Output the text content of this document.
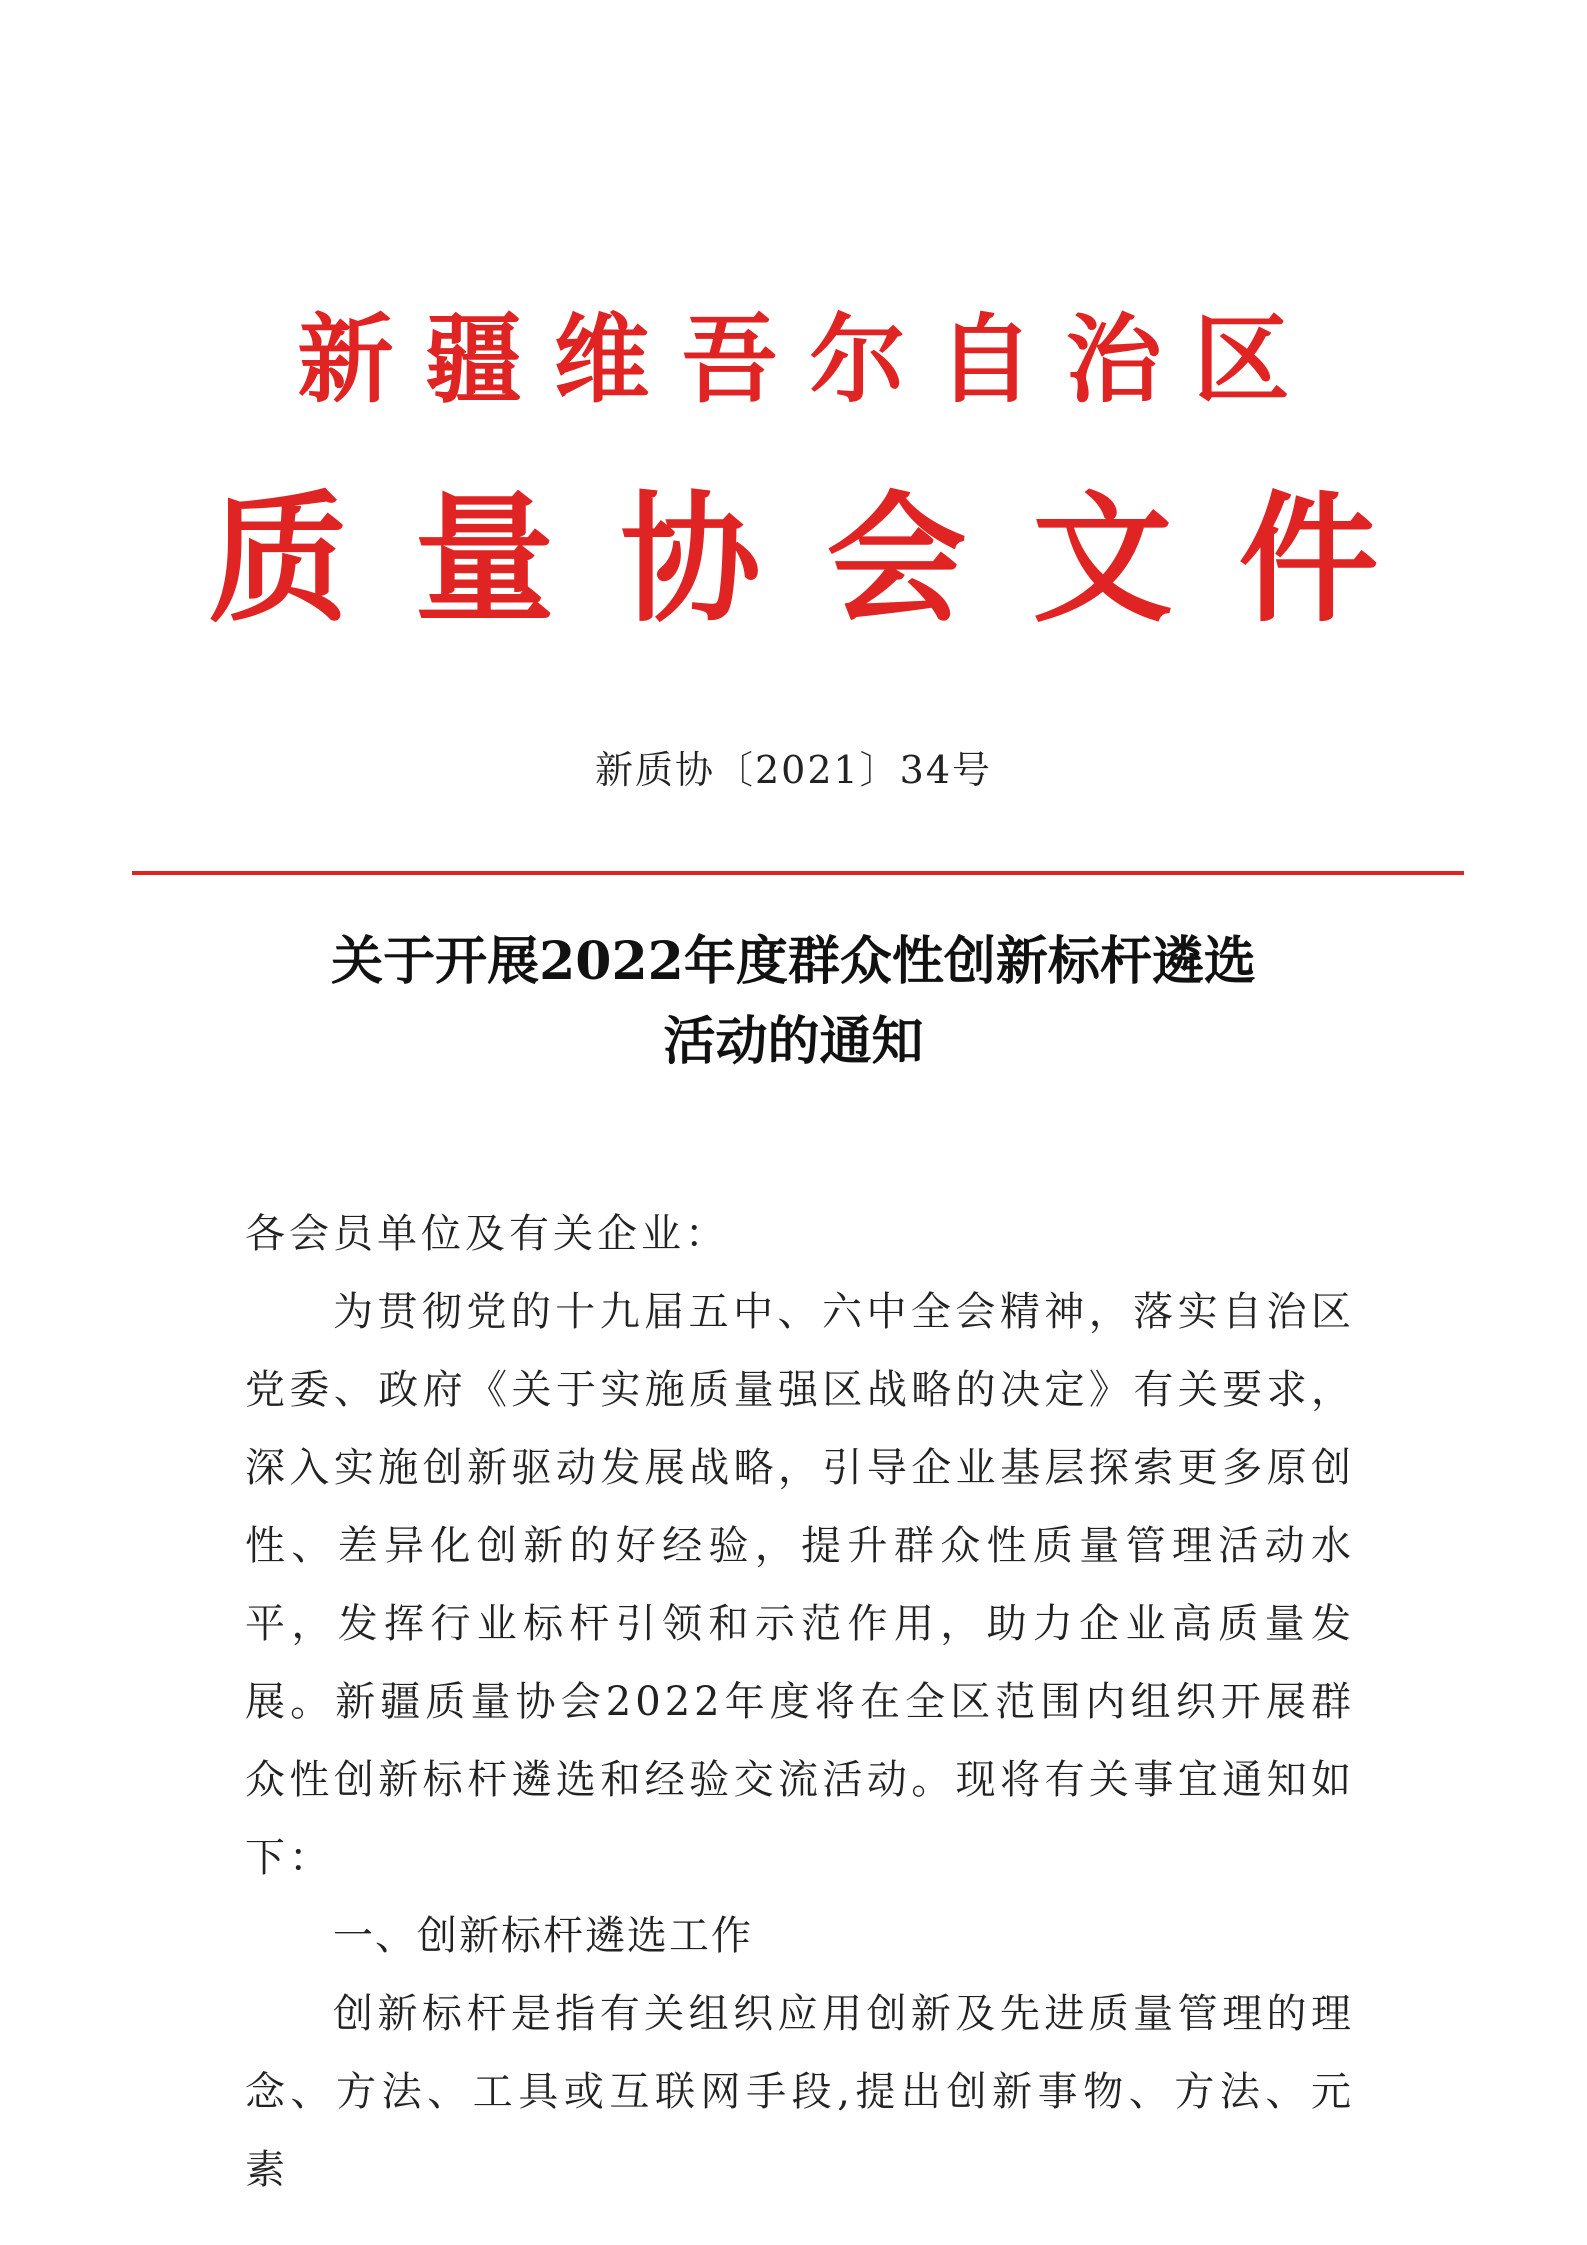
新疆维吾尔自治区
质量协会文件
新质协〔2021〕34号
关于开展2022年度群众性创新标杆遴选
活动的通知

各会员单位及有关企业：

为贯彻党的十九届五中、六中全会精神，落实自治区党委、政府《关于实施质量强区战略的决定》有关要求，深入实施创新驱动发展战略，引导企业基层探索更多原创性、差异化创新的好经验，提升群众性质量管理活动水平，发挥行业标杆引领和示范作用，助力企业高质量发展。新疆质量协会2022年度将在全区范围内组织开展群众性创新标杆遴选和经验交流活动。现将有关事宜通知如下：

一、创新标杆遴选工作

创新标杆是指有关组织应用创新及先进质量管理的理念、方法、工具或互联网手段,提出创新事物、方法、元素
